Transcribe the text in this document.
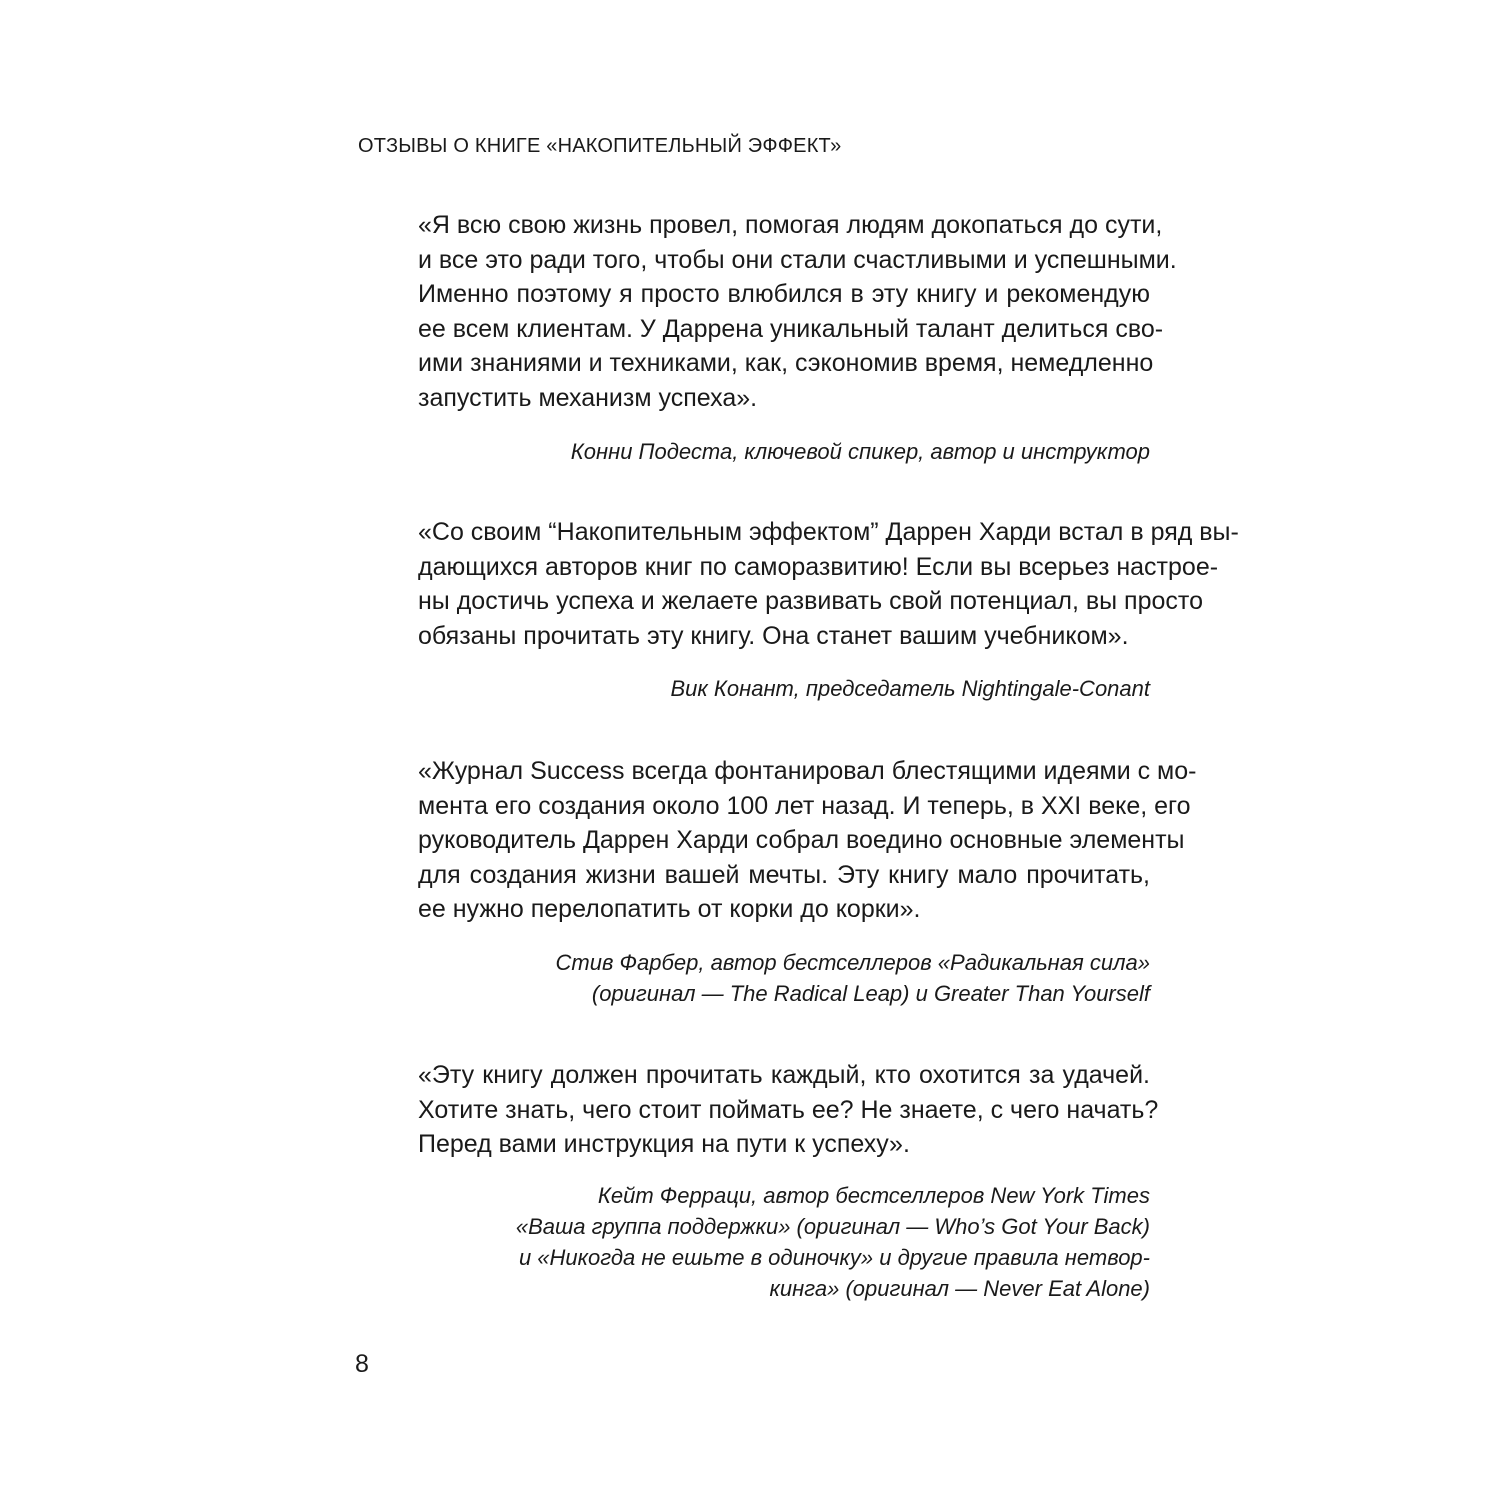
ОТЗЫВЫ О КНИГЕ «НАКОПИТЕЛЬНЫЙ ЭФФЕКТ»

«Я всю свою жизнь провел, помогая людям докопаться до сути,
и все это ради того, чтобы они стали счастливыми и успешными.
Именно поэтому я просто влюбился в эту книгу и рекомендую
ее всем клиентам. У Даррена уникальный талант делиться сво-
ими знаниями и техниками, как, сэкономив время, немедленно
запустить механизм успеха».

Конни Подеста, ключевой спикер, автор и инструктор

«Со своим “Накопительным эффектом” Даррен Харди встал в ряд вы-
дающихся авторов книг по саморазвитию! Если вы всерьез настрое-
ны достичь успеха и желаете развивать свой потенциал, вы просто
обязаны прочитать эту книгу. Она станет вашим учебником».

Вик Конант, председатель Nightingale-Conant

«Журнал Success всегда фонтанировал блестящими идеями с мо-
мента его создания около 100 лет назад. И теперь, в XXI веке, его
руководитель Даррен Харди собрал воедино основные элементы
для создания жизни вашей мечты. Эту книгу мало прочитать,
ее нужно перелопатить от корки до корки».

Стив Фарбер, автор бестселлеров «Радикальная сила»
(оригинал — The Radical Leap) и Greater Than Yourself

«Эту книгу должен прочитать каждый, кто охотится за удачей.
Хотите знать, чего стоит поймать ее? Не знаете, с чего начать?
Перед вами инструкция на пути к успеху».

Кейт Ферраци, автор бестселлеров New York Times
«Ваша группа поддержки» (оригинал — Who’s Got Your Back)
и «Никогда не ешьте в одиночку» и другие правила нетвор-
кинга» (оригинал — Never Eat Alone)

8
